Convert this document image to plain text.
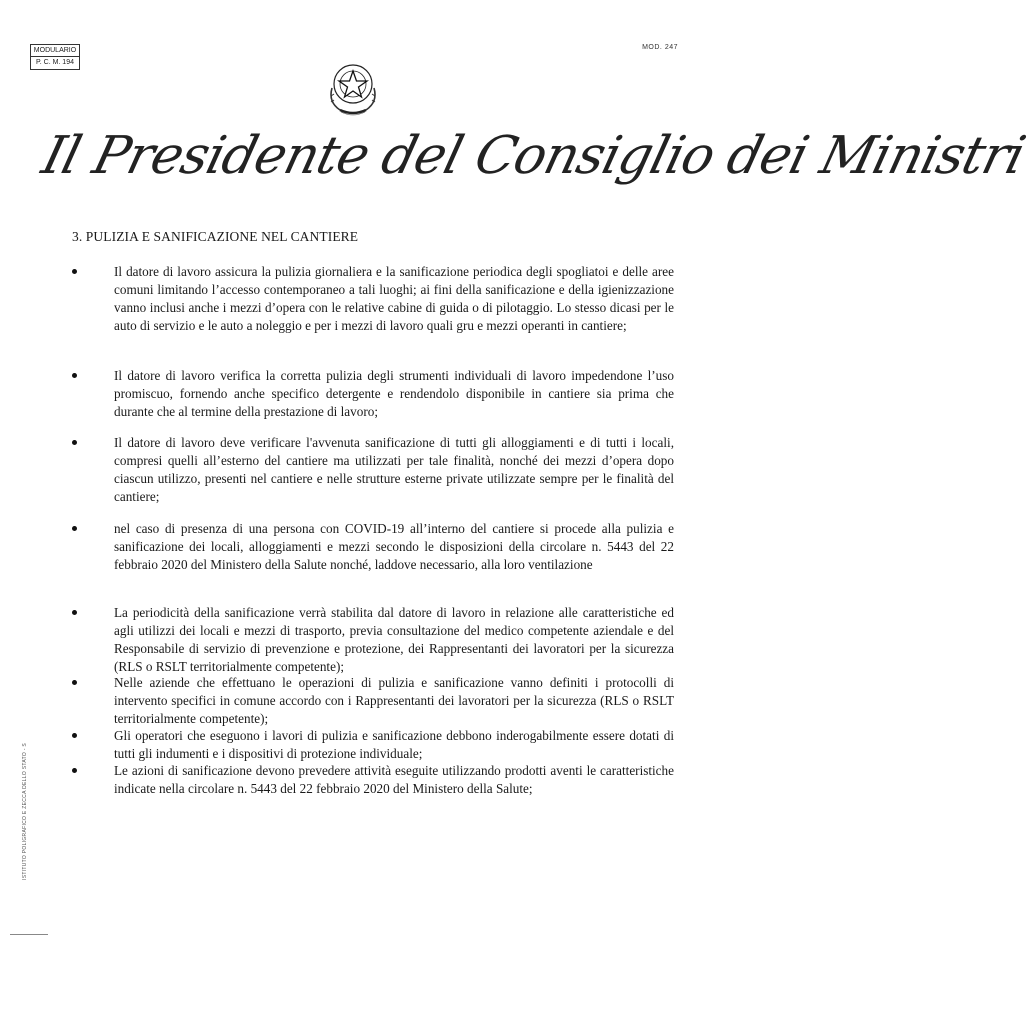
MODULARIO
P. C. M. 194
MOD. 247
Il Presidente del Consiglio dei Ministri
3. PULIZIA E SANIFICAZIONE NEL CANTIERE
Il datore di lavoro assicura la pulizia giornaliera e la sanificazione periodica degli spogliatoi e delle aree comuni limitando l’accesso contemporaneo a tali luoghi; ai fini della sanificazione e della igienizzazione vanno inclusi anche i mezzi d’opera con le relative cabine di guida o di pilotaggio. Lo stesso dicasi per le auto di servizio e le auto a noleggio e per i mezzi di lavoro quali gru e mezzi operanti in cantiere;
Il datore di lavoro verifica la corretta pulizia degli strumenti individuali di lavoro impedendone l’uso promiscuo, fornendo anche specifico detergente e rendendolo disponibile in cantiere sia prima che durante che al termine della prestazione di lavoro;
Il datore di lavoro deve verificare l'avvenuta sanificazione di tutti gli alloggiamenti e di tutti i locali, compresi quelli all’esterno del cantiere ma utilizzati per tale finalità, nonché dei mezzi d’opera dopo ciascun utilizzo, presenti nel cantiere e nelle strutture esterne private utilizzate sempre per le finalità del cantiere;
nel caso di presenza di una persona con COVID-19 all’interno del cantiere si procede alla pulizia e sanificazione dei locali, alloggiamenti e mezzi secondo le disposizioni della circolare n. 5443 del 22 febbraio 2020 del Ministero della Salute nonché, laddove necessario, alla loro ventilazione
La periodicità della sanificazione verrà stabilita dal datore di lavoro in relazione alle caratteristiche ed agli utilizzi dei locali e mezzi di trasporto, previa consultazione del medico competente aziendale e del Responsabile di servizio di prevenzione e protezione, dei Rappresentanti dei lavoratori per la sicurezza (RLS o RSLT territorialmente competente);
Nelle aziende che effettuano le operazioni di pulizia e sanificazione vanno definiti i protocolli di intervento specifici in comune accordo con i Rappresentanti dei lavoratori per la sicurezza (RLS o RSLT territorialmente competente);
Gli operatori che eseguono i lavori di pulizia e sanificazione debbono inderogabilmente essere dotati di tutti gli indumenti e i dispositivi di protezione individuale;
Le azioni di sanificazione devono prevedere attività eseguite utilizzando prodotti aventi le caratteristiche indicate nella circolare n. 5443 del 22 febbraio 2020 del Ministero della Salute;
ISTITUTO POLIGRAFICO E ZECCA DELLO STATO - S
